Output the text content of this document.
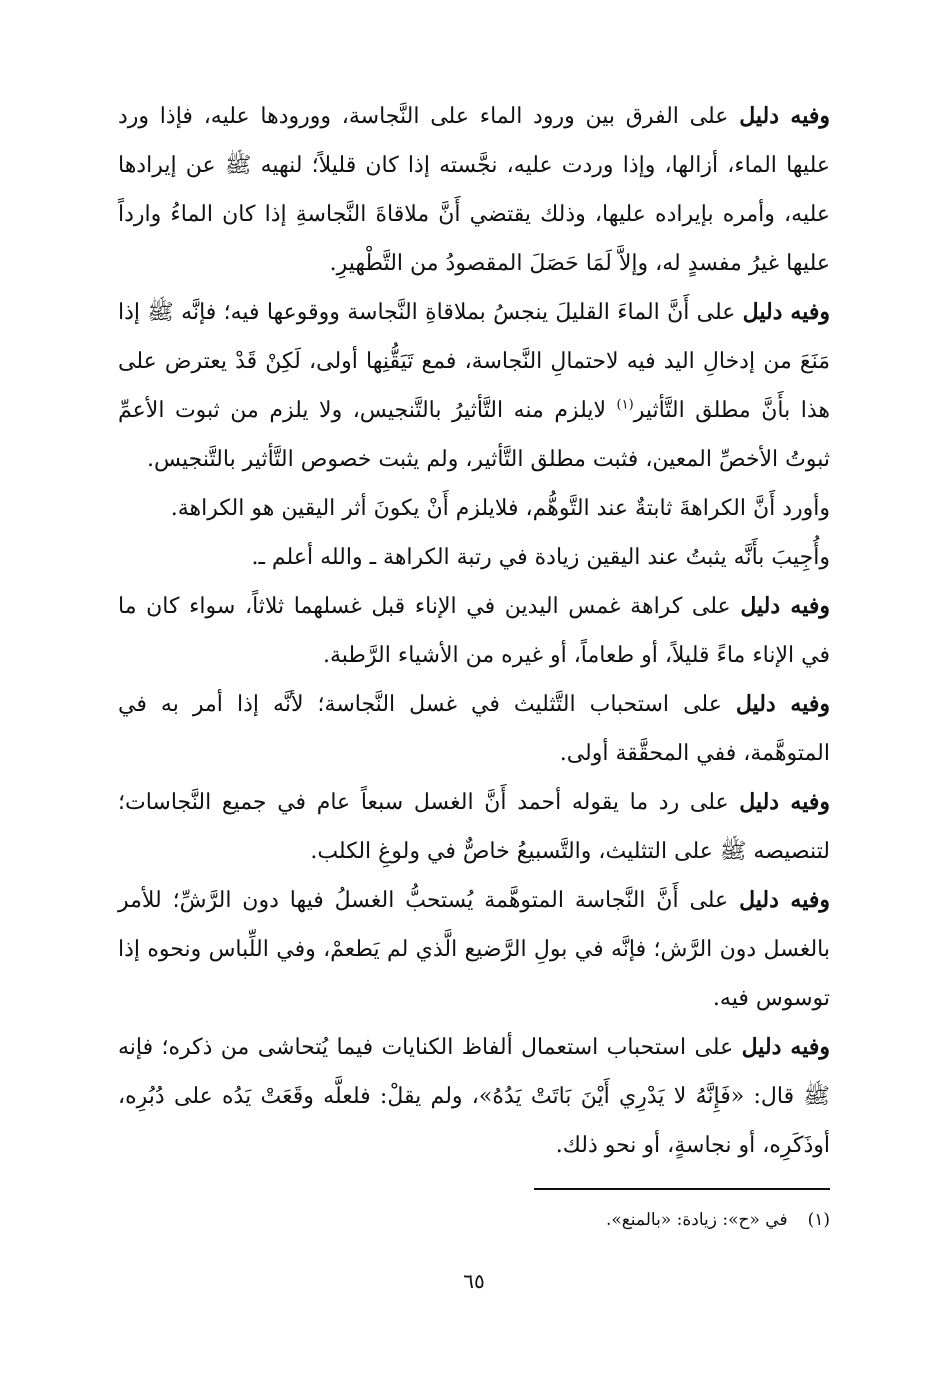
وفيه دليل على الفرق بين ورود الماء على النَّجاسة، وورودها عليه، فإذا ورد عليها الماء، أزالها، وإذا وردت عليه، نجَّسته إذا كان قليلاً؛ لنهيه ﷺ عن إيرادها عليه، وأمره بإيراده عليها، وذلك يقتضي أَنَّ ملاقاةَ النَّجاسةِ إذا كان الماءُ وارداً عليها غيرُ مفسدٍ له، وإلاَّ لَمَا حَصَلَ المقصودُ من التَّطْهيرِ.

وفيه دليل على أَنَّ الماءَ القليلَ ينجسُ بملاقاةِ النَّجاسة ووقوعها فيه؛ فإنَّه ﷺ إذا مَنَعَ من إدخالِ اليد فيه لاحتمالِ النَّجاسة، فمع تَيَقُّنِها أولى، لَكِنْ قَدْ يعترض على هذا بأَنَّ مطلق التَّأثير$^{(١)}$ لايلزم منه التَّأثيرُ بالتَّنجيس، ولا يلزم من ثبوت الأعمِّ ثبوتُ الأخصِّ المعين، فثبت مطلق التَّأثير، ولم يثبت خصوص التَّأثير بالتَّنجيس.

وأورد أَنَّ الكراهةَ ثابتةٌ عند التَّوهُّم، فلايلزم أَنْ يكونَ أثر اليقين هو الكراهة.

وأُجِيبَ بأَنَّه يثبتُ عند اليقين زيادة في رتبة الكراهة ـ والله أعلم ـ.

وفيه دليل على كراهة غمس اليدين في الإناء قبل غسلهما ثلاثاً، سواء كان ما في الإناء ماءً قليلاً، أو طعاماً، أو غيره من الأشياء الرَّطبة.

وفيه دليل على استحباب التَّثليث في غسل النَّجاسة؛ لأنَّه إذا أمر به في المتوهَّمة، ففي المحقَّقة أولى.

وفيه دليل على رد ما يقوله أحمد أَنَّ الغسل سبعاً عام في جميع النَّجاسات؛ لتنصيصه ﷺ على التثليث، والتَّسبيعُ خاصٌّ في ولوغِ الكلب.

وفيه دليل على أَنَّ النَّجاسة المتوهَّمة يُستحبُّ الغسلُ فيها دون الرَّشِّ؛ للأمر بالغسل دون الرَّش؛ فإنَّه في بولِ الرَّضيع الَّذي لم يَطعمْ، وفي اللِّباس ونحوه إذا توسوس فيه.

وفيه دليل على استحباب استعمال ألفاظ الكنايات فيما يُتحاشى من ذكره؛ فإنه ﷺ قال: «فَإِنَّهُ لا يَدْرِي أَيْنَ بَاتَتْ يَدُهُ»، ولم يقلْ: فلعلَّه وقَعَتْ يَدُه على دُبُرِه، أوذَكَرِه، أو نجاسةٍ، أو نحو ذلك.

(١)في «ح»: زيادة: «بالمنع».
٦٥
